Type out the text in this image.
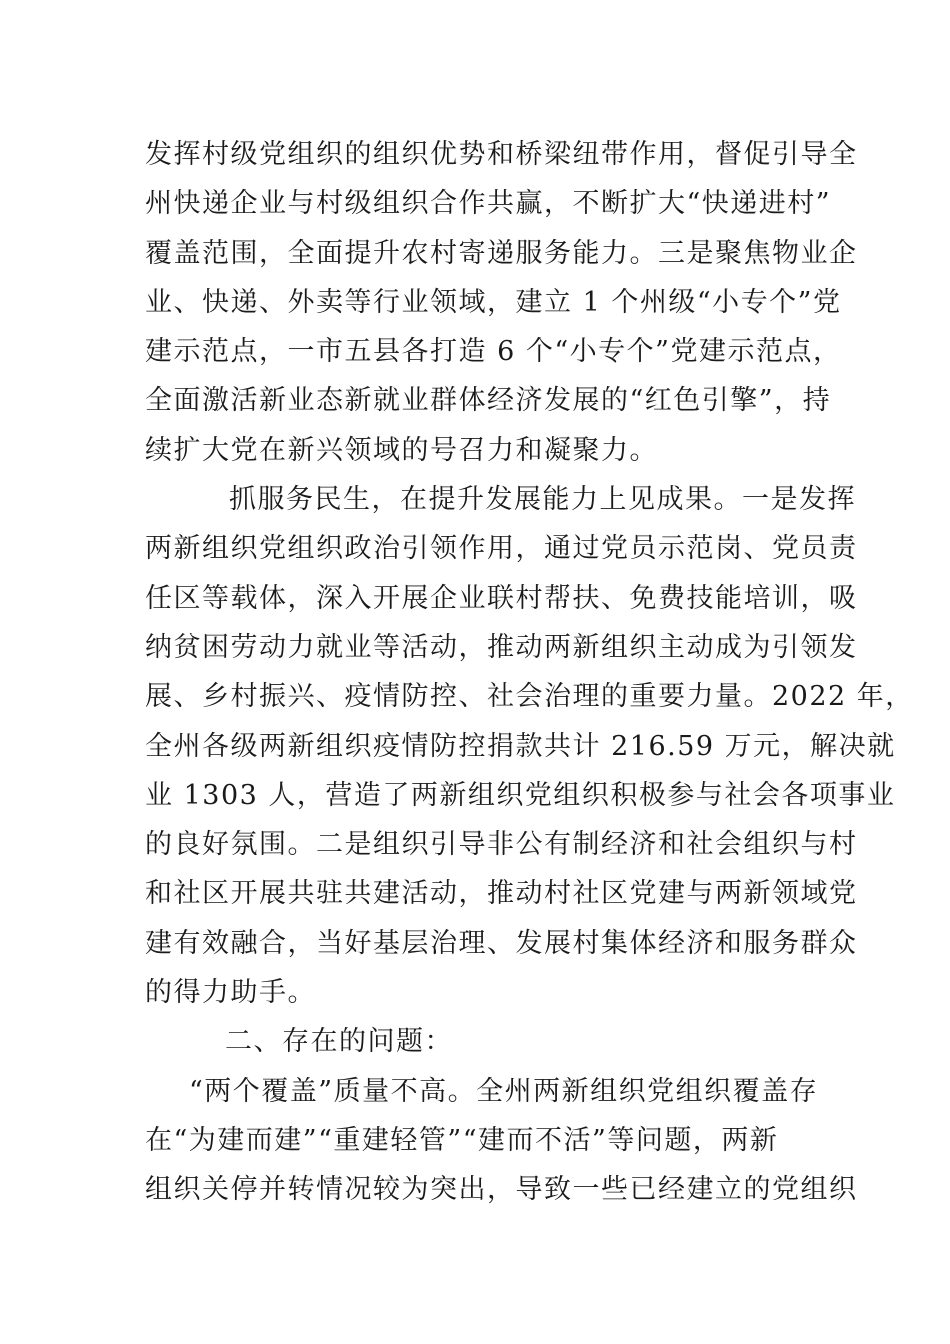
发挥村级党组织的组织优势和桥梁纽带作用，督促引导全
州快递企业与村级组织合作共赢，不断扩大“快递进村”
覆盖范围，全面提升农村寄递服务能力。三是聚焦物业企
业、快递、外卖等行业领域，建立 1 个州级“小专个”党
建示范点，一市五县各打造 6 个“小专个”党建示范点，
全面激活新业态新就业群体经济发展的“红色引擎”，持
续扩大党在新兴领域的号召力和凝聚力。
抓服务民生，在提升发展能力上见成果。一是发挥
两新组织党组织政治引领作用，通过党员示范岗、党员责
任区等载体，深入开展企业联村帮扶、免费技能培训，吸
纳贫困劳动力就业等活动，推动两新组织主动成为引领发
展、乡村振兴、疫情防控、社会治理的重要力量。2022 年，
全州各级两新组织疫情防控捐款共计 216.59 万元，解决就
业 1303 人，营造了两新组织党组织积极参与社会各项事业
的良好氛围。二是组织引导非公有制经济和社会组织与村
和社区开展共驻共建活动，推动村社区党建与两新领域党
建有效融合，当好基层治理、发展村集体经济和服务群众
的得力助手。
二、存在的问题：
“两个覆盖”质量不高。全州两新组织党组织覆盖存
在“为建而建”“重建轻管”“建而不活”等问题，两新
组织关停并转情况较为突出，导致一些已经建立的党组织
